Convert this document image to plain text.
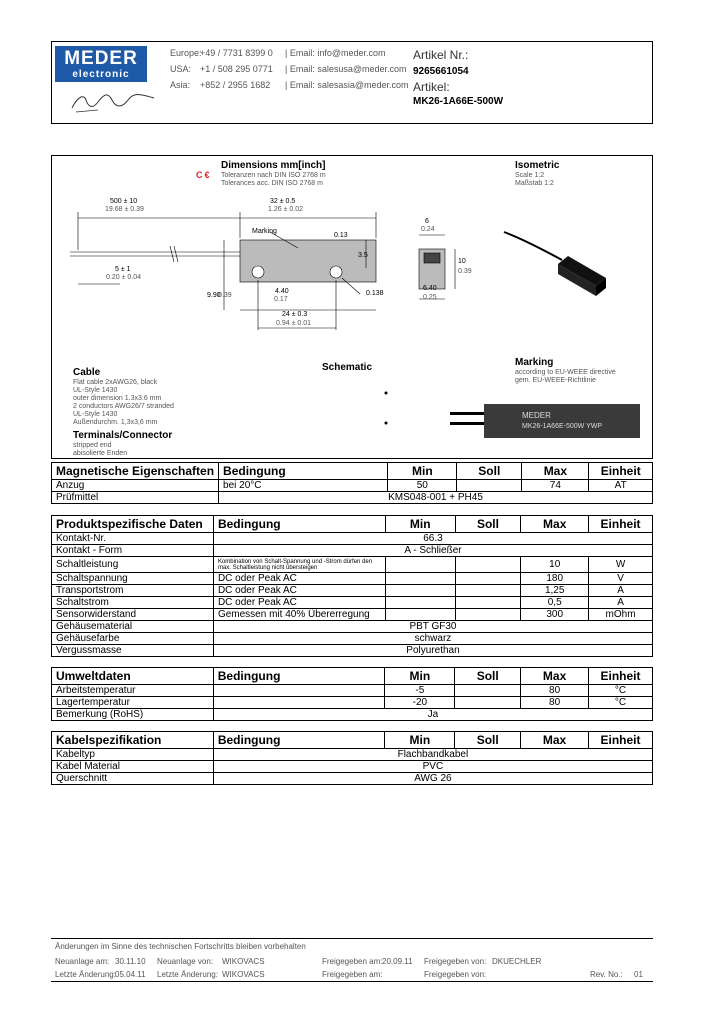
MEDER
electronic
Europe:
+49 / 7731 8399 0 | Email: info@meder.com
USA: +1 / 508 295 0771 | Email: salesusa@meder.com
Asia: +852 / 2955 1682 | Email: salesasia@meder.com
Artikel Nr.:
9265661054
Artikel:
MK26-1A66E-500W
Dimensions mm[inch]
Toleranzen nach DIN ISO 2768 m
Tolerances acc. DIN ISO 2768 m
C €
Isometric
Scale 1:2
Maßstab 1:2
500 ± 10
19.68 ± 0.39
32 ± 0.5
1.26 ± 0.02
5 ± 1
0.20 ± 0.04
Marking
0.13
3.5
0.138
9.90
0.39
4.40
0.17
24 ± 0.3
0.94 ± 0.01
6
0.24
10
0.39
6.40
0.25
Schematic
Cable
Flat cable 2xAWG26, black
UL-Style 1430
outer dimension 1.3x3.6 mm
2 conductors AWG26/7 stranded
UL-Style 1430
Außendurchm. 1,3x3,6 mm
Terminals/Connector
stripped end
abisolierte Enden
Marking
according to EU-WEEE directive
gem. EU-WEEE-Richtlinie
MEDER
MK26-1A66E-500W YWP
Magnetische Eigenschaften	Bedingung	Min	Soll	Max	Einheit
Anzug	bei 20°C	50		74	AT
Prüfmittel	KMS048-001 + PH45				
Produktspezifische Daten	Bedingung	Min	Soll	Max	Einheit
Kontakt-Nr.	66.3				
Kontakt - Form	A - Schließer				
Schaltleistung	Kombination von Schalt-Spannung und -Strom dürfen den max. Schaltleistung nicht übersteigen			10	W
Schaltspannung	DC oder Peak AC			180	V
Transportstrom	DC oder Peak AC			1,25	A
Schaltstrom	DC oder Peak AC			0,5	A
Sensorwiderstand	Gemessen mit 40% Übererregung			300	mOhm
Gehäusematerial	PBT GF30				
Gehäusefarbe	schwarz				
Vergussmasse	Polyurethan				
Umweltdaten	Bedingung	Min	Soll	Max	Einheit
Arbeitstemperatur		-5		80	°C
Lagertemperatur		-20		80	°C
Bemerkung (RoHS)	Ja				
Kabelspezifikation	Bedingung	Min	Soll	Max	Einheit
Kabeltyp	Flachbandkabel				
Kabel Material	PVC				
Querschnitt	AWG 26				
Änderungen im Sinne des technischen Fortschritts bleiben vorbehalten
Neuanlage am: 30.11.10 Neuanlage von: WIKOVACS	Freigegeben am: 20.09.11 Freigegeben von: DKUECHLER
Letzte Änderung: 05.04.11 Letzte Änderung: WIKOVACS	Freigegeben am:	Freigegeben von:	Rev. No.: 01
